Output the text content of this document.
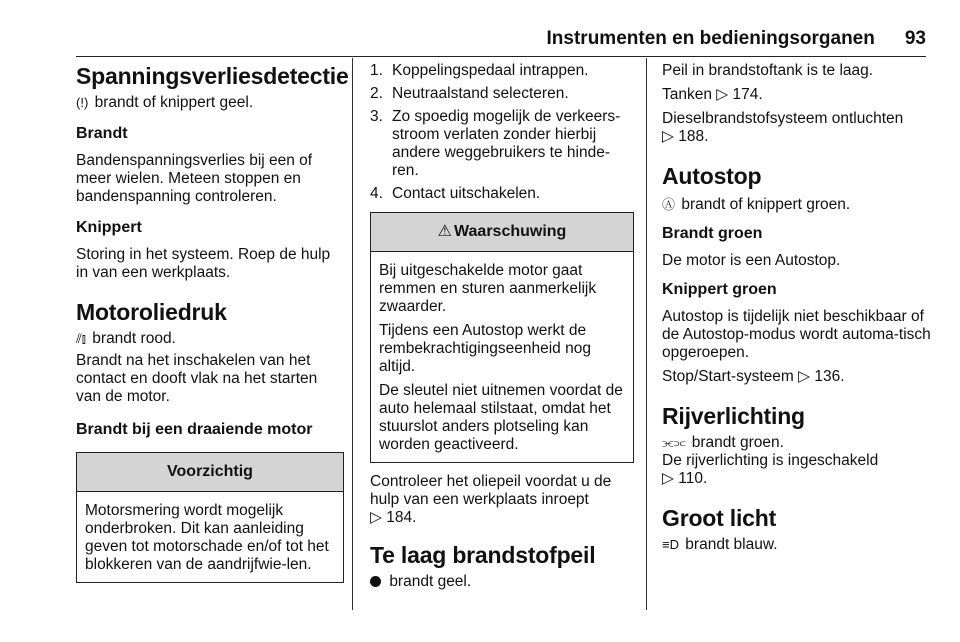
Instrumenten en bedieningsorganen 93
Spanningsverliesdetectie

(!) brandt of knippert geel.

Brandt

Bandenspanningsverlies bij een of meer wielen. Meteen stoppen en bandenspanning controleren.

Knippert

Storing in het systeem. Roep de hulp in van een werkplaats.

Motoroliedruk

⫽⫾ brandt rood.

Brandt na het inschakelen van het contact en dooft vlak na het starten van de motor.

Brandt bij een draaiende motor
Voorzichtig

Motorsmering wordt mogelijk onderbroken. Dit kan aanleiding geven tot motorschade en/of tot het blokkeren van de aandrijfwie-len.

1. Koppelingspedaal intrappen.
2. Neutraalstand selecteren.
3. Zo spoedig mogelijk de verkeers-stroom verlaten zonder hierbij andere weggebruikers te hinde-ren.
4. Contact uitschakelen.
⚠ Waarschuwing

Bij uitgeschakelde motor gaat remmen en sturen aanmerkelijk zwaarder.

Tijdens een Autostop werkt de rembekrachtigingseenheid nog altijd.

De sleutel niet uitnemen voordat de auto helemaal stilstaat, omdat het stuurslot anders plotseling kan worden geactiveerd.

Controleer het oliepeil voordat u de hulp van een werkplaats inroept
▷ 184.

Te laag brandstofpeil

brandt geel.

Peil in brandstoftank is te laag.

Tanken ▷ 174.

Dieselbrandstofsysteem ontluchten
▷ 188.

Autostop

Ⓐ brandt of knippert groen.

Brandt groen

De motor is een Autostop.

Knippert groen

Autostop is tijdelijk niet beschikbaar of de Autostop-modus wordt automa-tisch opgeroepen.

Stop/Start-systeem ▷ 136.

Rijverlichting

⫘⫗ brandt groen.

De rijverlichting is ingeschakeld
▷ 110.

Groot licht

≡D brandt blauw.
